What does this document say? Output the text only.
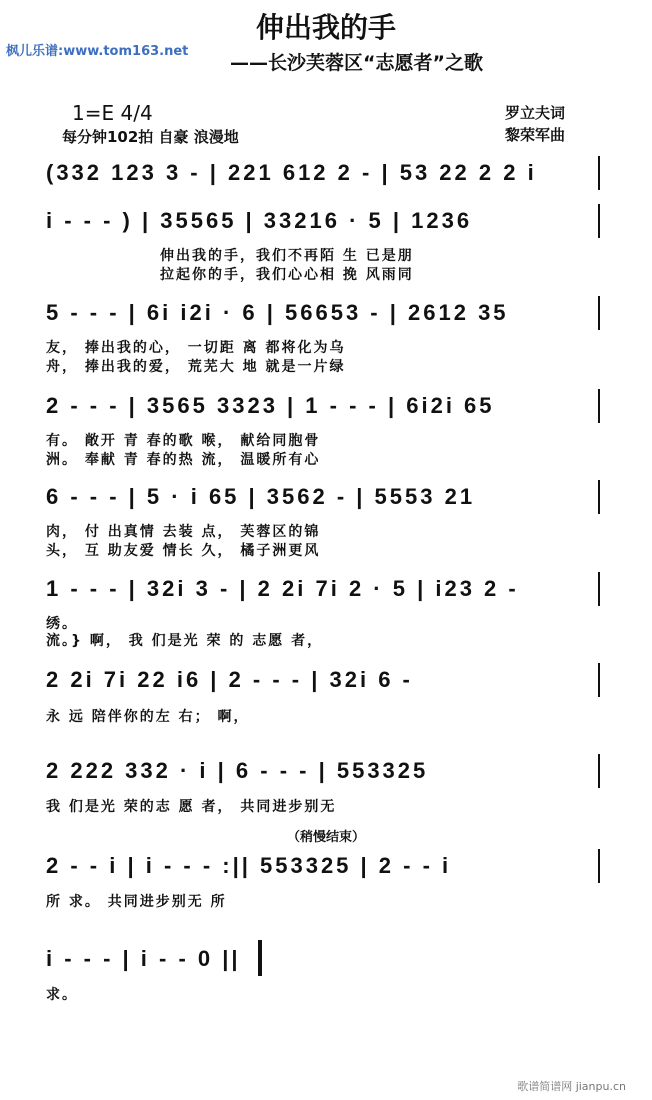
枫儿乐谱:www.tom163.net
伸出我的手
——长沙芙蓉区“志愿者”之歌
1=E 4/4
每分钟102拍 自豪 浪漫地
罗立夫词
黎荣军曲
(332 123 3 - | 221 612 2 - | 53 22 2 2 i
i - - - ) | 35565 | 33216 · 5 | 1236
伸出我的手，我们不再陌 生 已是朋
拉起你的手，我们心心相 挽 风雨同
5 - - - | 6i i2i · 6 | 56653 - | 2612 35
友， 捧出我的心， 一切距 离 都将化为乌
舟， 捧出我的爱， 荒芜大 地 就是一片绿
2 - - - | 3565 3323 | 1 - - - | 6i2i 65
有。 敞开 青 春的歌 喉， 献给同胞骨
洲。 奉献 青 春的热 流， 温暖所有心
6 - - - | 5 · i 65 | 3562 - | 5553 21
肉， 付 出真情 去装 点， 芙蓉区的锦
头， 互 助友爱 情长 久， 橘子洲更风
1 - - - | 32i 3 - | 2 2i 7i 2 · 5 | i23 2 -
绣。
流。} 啊， 我 们是光 荣 的 志愿 者，
2 2i 7i 22 i6 | 2 - - - | 32i 6 -
永 远 陪伴你的左 右； 啊，
2 222 332 · i | 6 - - - | 553325
我 们是光 荣的志 愿 者， 共同进步别无
（稍慢结束）
2 - - i | i - - - :|| 553325 | 2 - - i
所 求。 共同进步别无 所
i - - - | i - - 0 ||
求。
歌谱简谱网 jianpu.cn
